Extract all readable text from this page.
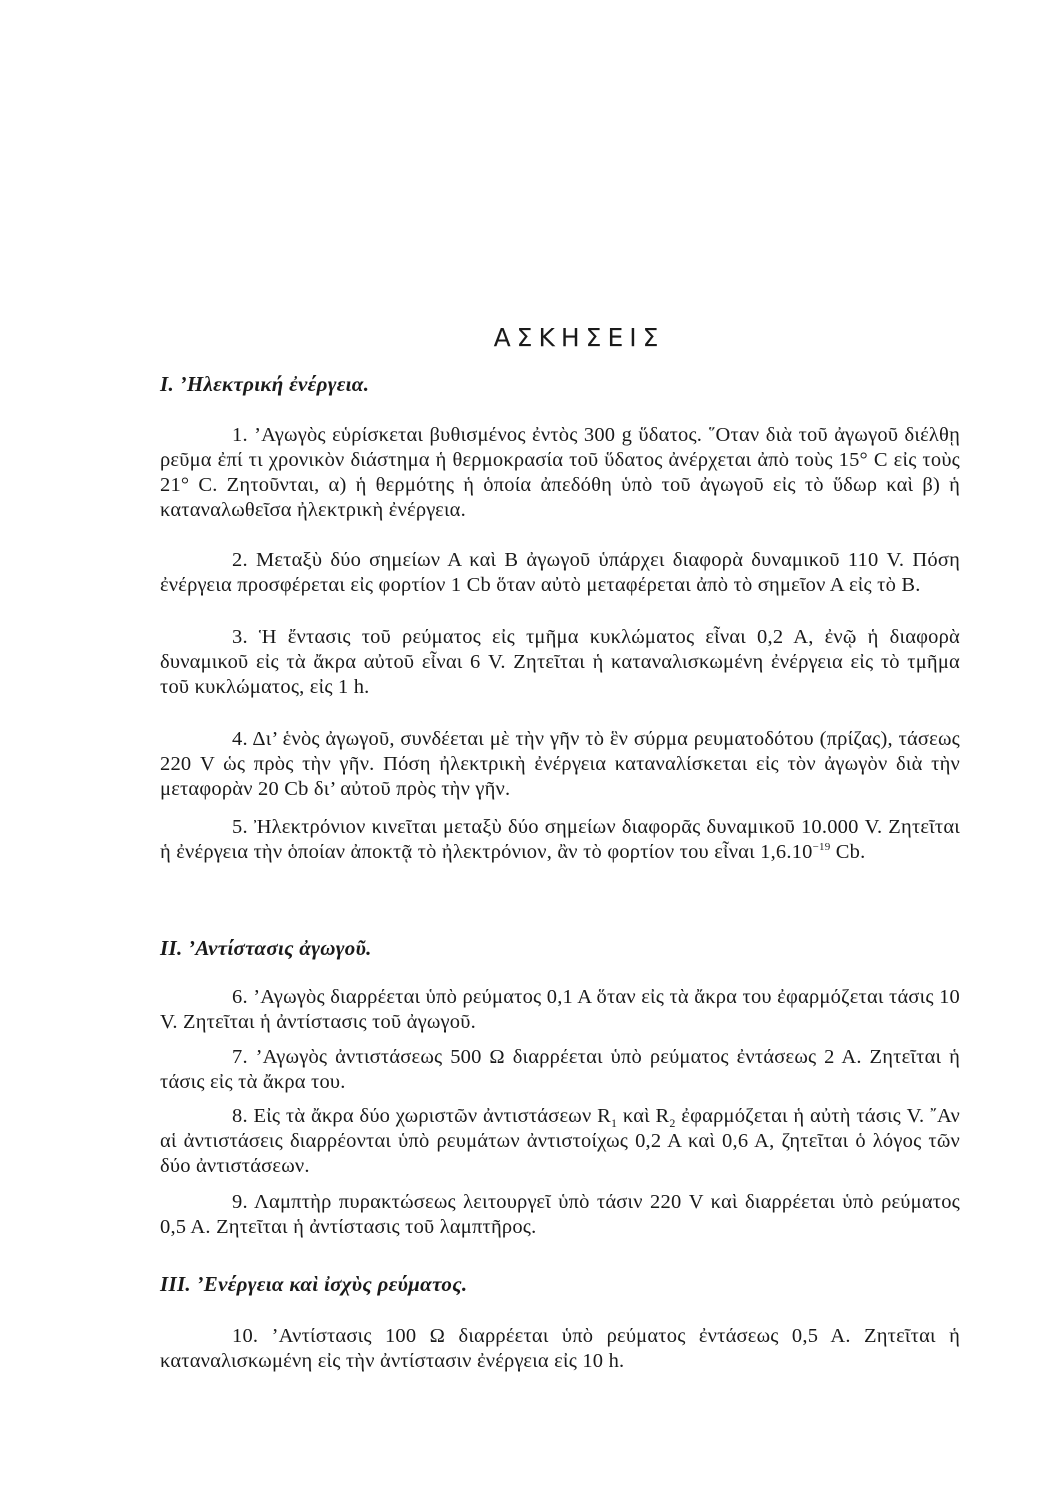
ΑΣΚΗΣΕΙΣ
I. ’Ηλεκτρική ἐνέργεια.
1. ’Αγωγὸς εὑρίσκεται βυθισμένος ἐντὸς 300 g ὕδατος. ῞Οταν διὰ τοῦ ἀγωγοῦ διέλθῃ ρεῦμα ἐπί τι χρονικὸν διάστημα ἡ θερμοκρασία τοῦ ὕδατος ἀνέρχεται ἀπὸ τοὺς 15° C εἰς τοὺς 21° C. Ζητοῦνται, α) ἡ θερμότης ἡ ὁποία ἀπεδόθη ὑπὸ τοῦ ἀγωγοῦ εἰς τὸ ὕδωρ καὶ β) ἡ καταναλωθεῖσα ἠλεκτρικὴ ἐνέργεια.
2. Μεταξὺ δύο σημείων Α καὶ Β ἀγωγοῦ ὑπάρχει διαφορὰ δυναμικοῦ 110 V. Πόση ἐνέργεια προσφέρεται εἰς φορτίον 1 Cb ὅταν αὐτὸ μεταφέρεται ἀπὸ τὸ σημεῖον Α εἰς τὸ Β.
3. Ἡ ἔντασις τοῦ ρεύματος εἰς τμῆμα κυκλώματος εἶναι 0,2 Α, ἐνῷ ἡ διαφορὰ δυναμικοῦ εἰς τὰ ἄκρα αὐτοῦ εἶναι 6 V. Ζητεῖται ἡ καταναλισκωμένη ἐνέργεια εἰς τὸ τμῆμα τοῦ κυκλώματος, εἰς 1 h.
4. Δι’ ἑνὸς ἀγωγοῦ, συνδέεται μὲ τὴν γῆν τὸ ἓν σύρμα ρευματοδότου (πρίζας), τάσεως 220 V ὡς πρὸς τὴν γῆν. Πόση ἠλεκτρικὴ ἐνέργεια καταναλίσκεται εἰς τὸν ἀγωγὸν διὰ τὴν μεταφορὰν 20 Cb δι’ αὐτοῦ πρὸς τὴν γῆν.
5. Ἠλεκτρόνιον κινεῖται μεταξὺ δύο σημείων διαφορᾶς δυναμικοῦ 10.000 V. Ζητεῖται ἡ ἐνέργεια τὴν ὁποίαν ἀποκτᾷ τὸ ἠλεκτρόνιον, ἂν τὸ φορτίον του εἶναι $1,6.10^{-19}$ Cb.
II. ’Αντίστασις ἀγωγοῦ.
6. ’Αγωγὸς διαρρέεται ὑπὸ ρεύματος 0,1 Α ὅταν εἰς τὰ ἄκρα του ἐφαρμόζεται τάσις 10 V. Ζητεῖται ἡ ἀντίστασις τοῦ ἀγωγοῦ.
7. ’Αγωγὸς ἀντιστάσεως 500 Ω διαρρέεται ὑπὸ ρεύματος ἐντάσεως 2 Α. Ζητεῖται ἡ τάσις εἰς τὰ ἄκρα του.
8. Εἰς τὰ ἄκρα δύο χωριστῶν ἀντιστάσεων $R_1$ καὶ $R_2$ ἐφαρμόζεται ἡ αὐτὴ τάσις V. ῎Αν αἱ ἀντιστάσεις διαρρέονται ὑπὸ ρευμάτων ἀντιστοίχως 0,2 Α καὶ 0,6 Α, ζητεῖται ὁ λόγος τῶν δύο ἀντιστάσεων.
9. Λαμπτὴρ πυρακτώσεως λειτουργεῖ ὑπὸ τάσιν 220 V καὶ διαρρέεται ὑπὸ ρεύματος 0,5 Α. Ζητεῖται ἡ ἀντίστασις τοῦ λαμπτῆρος.
III. ’Ενέργεια καὶ ἰσχὺς ρεύματος.
10. ’Αντίστασις 100 Ω διαρρέεται ὑπὸ ρεύματος ἐντάσεως 0,5 Α. Ζητεῖται ἡ καταναλισκωμένη εἰς τὴν ἀντίστασιν ἐνέργεια εἰς 10 h.
